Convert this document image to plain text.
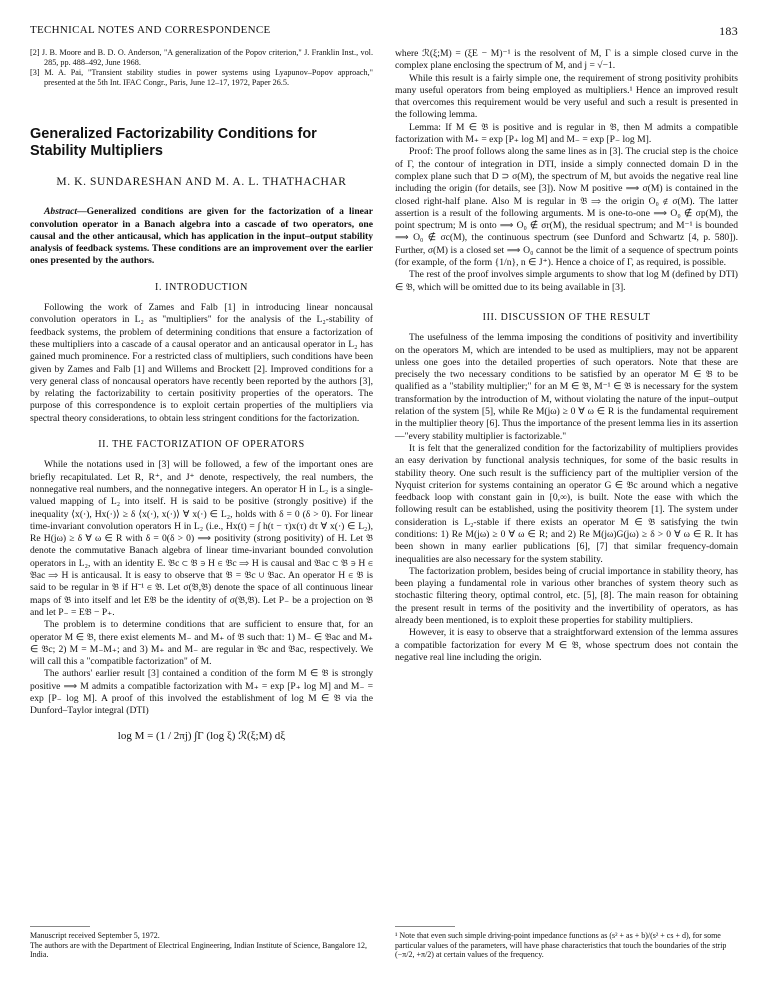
TECHNICAL NOTES AND CORRESPONDENCE	183
[2] J. B. Moore and B. D. O. Anderson, "A generalization of the Popov criterion," J. Franklin Inst., vol. 285, pp. 488–492, June 1968.
[3] M. A. Pai, "Transient stability studies in power systems using Lyapunov–Popov approach," presented at the 5th Int. IFAC Congr., Paris, June 12–17, 1972, Paper 26.5.
Generalized Factorizability Conditions for Stability Multipliers
M. K. SUNDARESHAN AND M. A. L. THATHACHAR

Abstract—Generalized conditions are given for the factorization of a linear convolution operator in a Banach algebra into a cascade of two operators, one causal and the other anticausal, which has application in the input–output stability analysis of feedback systems. These conditions are an improvement over the earlier ones presented by the authors.

I. INTRODUCTION

Following the work of Zames and Falb [1] in introducing linear noncausal convolution operators in L₂ as "multipliers" for the analysis of the L₂-stability of feedback systems, the problem of determining conditions that ensure a factorization of these multipliers into a cascade of a causal operator and an anticausal operator in L₂ has gained much prominence. For a restricted class of multipliers, such conditions have been given by Zames and Falb [1] and Willems and Brockett [2]. Improved conditions for a very general class of noncausal operators have recently been reported by the authors [3], by relating the factorizability to certain positivity properties of the operators. The purpose of this correspondence is to exploit certain properties of the multipliers via spectral theory considerations, to obtain less stringent conditions for the factorization.

II. THE FACTORIZATION OF OPERATORS

While the notations used in [3] will be followed, a few of the important ones are briefly recapitulated. Let R, R⁺, and J⁺ denote, respectively, the real numbers, the nonnegative real numbers, and the nonnegative integers. An operator H in L₂ is a single-valued mapping of L₂ into itself. H is said to be positive (strongly positive) if the inequality ⟨x(·), Hx(·)⟩ ≥ δ ⟨x(·), x(·)⟩ ∀ x(·) ∈ L₂, holds with δ = 0 (δ > 0). For linear time-invariant convolution operators H in L₂ (i.e., Hx(t) = ∫ h(t − τ)x(τ) dτ ∀ x(·) ∈ L₂), Re H(jω) ≥ δ ∀ ω ∈ R with δ = 0(δ > 0) ⟹ positivity (strong positivity) of H. Let 𝔅 denote the commutative Banach algebra of linear time-invariant bounded convolution operators in L₂, with an identity E. 𝔅c ⊂ 𝔅 ∋ H ∈ 𝔅c ⟹ H is causal and 𝔅ac ⊂ 𝔅 ∋ H ∈ 𝔅ac ⟹ H is anticausal. It is easy to observe that 𝔅 = 𝔅c ∪ 𝔅ac. An operator H ∈ 𝔅 is said to be regular in 𝔅 if H⁻¹ ∈ 𝔅. Let σ(𝔅,𝔅) denote the space of all continuous linear maps of 𝔅 into itself and let E𝔅 be the identity of σ(𝔅,𝔅). Let P₋ be a projection on 𝔅 and let P₋ = E𝔅 − P₊.

The problem is to determine conditions that are sufficient to ensure that, for an operator M ∈ 𝔅, there exist elements M₋ and M₊ of 𝔅 such that: 1) M₋ ∈ 𝔅ac and M₊ ∈ 𝔅c; 2) M = M₋M₊; and 3) M₊ and M₋ are regular in 𝔅c and 𝔅ac, respectively. We will call this a "compatible factorization" of M.

The authors' earlier result [3] contained a condition of the form M ∈ 𝔅 is strongly positive ⟹ M admits a compatible factorization with M₊ = exp [P₊ log M] and M₋ = exp [P₋ log M]. A proof of this involved the establishment of log M ∈ 𝔅 via the Dunford–Taylor integral (DTI)

log M = (1 / 2πj) ∫Γ (log ξ) ℛ(ξ;M) dξ
Manuscript received September 5, 1972.
The authors are with the Department of Electrical Engineering, Indian Institute of Science, Bangalore 12, India.

where ℛ(ξ;M) = (ξE − M)⁻¹ is the resolvent of M, Γ is a simple closed curve in the complex plane enclosing the spectrum of M, and j = √−1.

While this result is a fairly simple one, the requirement of strong positivity prohibits many useful operators from being employed as multipliers.¹ Hence an improved result that overcomes this requirement would be very useful and such a result is presented in the following lemma.

Lemma: If M ∈ 𝔅 is positive and is regular in 𝔅, then M admits a compatible factorization with M₊ = exp [P₊ log M] and M₋ = exp [P₋ log M].

Proof: The proof follows along the same lines as in [3]. The crucial step is the choice of Γ, the contour of integration in DTI, inside a simply connected domain D in the complex plane such that D ⊃ σ(M), the spectrum of M, but avoids the negative real line including the origin (for details, see [3]). Now M positive ⟹ σ(M) is contained in the closed right-half plane. Also M is regular in 𝔅 ⟹ the origin O₀ ∉ σ(M). The latter assertion is a result of the following arguments. M is one-to-one ⟹ O₀ ∉ σp(M), the point spectrum; M is onto ⟹ O₀ ∉ σr(M), the residual spectrum; and M⁻¹ is bounded ⟹ O₀ ∉ σc(M), the continuous spectrum (see Dunford and Schwartz [4, p. 580]). Further, σ(M) is a closed set ⟹ O₀ cannot be the limit of a sequence of spectrum points (for example, of the form {1/n}, n ∈ J⁺). Hence a choice of Γ, as required, is possible.

The rest of the proof involves simple arguments to show that log M (defined by DTI) ∈ 𝔅, which will be omitted due to its being available in [3].

III. DISCUSSION OF THE RESULT

The usefulness of the lemma imposing the conditions of positivity and invertibility on the operators M, which are intended to be used as multipliers, may not be apparent unless one goes into the detailed properties of such operators. Note that these are precisely the two necessary conditions to be satisfied by an operator M ∈ 𝔅 to be qualified as a "stability multiplier;" for an M ∈ 𝔅, M⁻¹ ∈ 𝔅 is necessary for the system transformation by the introduction of M, without violating the nature of the input–output relation of the system [5], while Re M(jω) ≥ 0 ∀ ω ∈ R is the fundamental requirement in the multiplier theory [6]. Thus the importance of the present lemma lies in its assertion—"every stability multiplier is factorizable."

It is felt that the generalized condition for the factorizability of multipliers provides an easy derivation by functional analysis techniques, for some of the basic results in stability theory. One such result is the sufficiency part of the multiplier version of the Nyquist criterion for systems containing an operator G ∈ 𝔅c around which a negative feedback loop with constant gain in [0,∞), is built. Note the ease with which the following result can be established, using the positivity theorem [1]. The system under consideration is L₂-stable if there exists an operator M ∈ 𝔅 satisfying the twin conditions: 1) Re M(jω) ≥ 0 ∀ ω ∈ R; and 2) Re M(jω)G(jω) ≥ δ > 0 ∀ ω ∈ R. It has been shown in many earlier publications [6], [7] that similar frequency-domain inequalities are also necessary for the system stability.

The factorization problem, besides being of crucial importance in stability theory, has been playing a fundamental role in various other branches of system theory such as stochastic filtering theory, optimal control, etc. [5], [8]. The main reason for obtaining the present result in terms of the positivity and the invertibility of operators, as has already been mentioned, is to exploit these properties for stability multipliers.

However, it is easy to observe that a straightforward extension of the lemma assures a compatible factorization for every M ∈ 𝔅, whose spectrum does not contain the negative real line including the origin.

¹ Note that even such simple driving-point impedance functions as (s² + as + b)/(s² + cs + d), for some particular values of the parameters, will have phase characteristics that touch the boundaries of the strip (−π/2, +π/2) at certain values of the frequency.
